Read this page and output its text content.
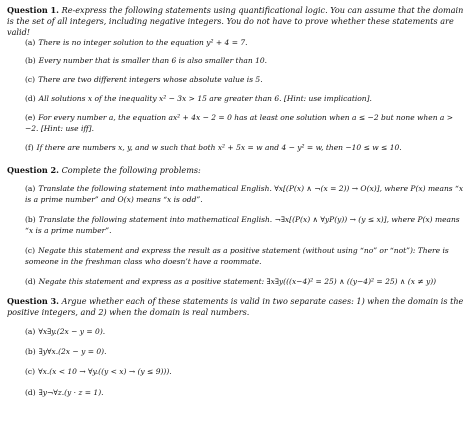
Question 1. Re-express the following statements using quantificational logic. You can assume that the domain is the set of all integers, including negative integers. You do not have to prove whether these statements are valid!
(a) There is no integer solution to the equation y² + 4 = 7.
(b) Every number that is smaller than 6 is also smaller than 10.
(c) There are two different integers whose absolute value is 5.
(d) All solutions x of the inequality x² − 3x > 15 are greater than 6. [Hint: use implication].
(e) For every number a, the equation ax² + 4x − 2 = 0 has at least one solution when a ≤ −2 but none when a > −2. [Hint: use iff].
(f) If there are numbers x, y, and w such that both x² + 5x = w and 4 − y² = w, then −10 ≤ w ≤ 10.
Question 2. Complete the following problems:
(a) Translate the following statement into mathematical English. ∀x[(P(x) ∧ ¬(x = 2)) → O(x)], where P(x) means “x is a prime number” and O(x) means “x is odd”.
(b) Translate the following statement into mathematical English. ¬∃x[(P(x) ∧ ∀yP(y)) → (y ≤ x)], where P(x) means “x is a prime number”.
(c) Negate this statement and express the result as a positive statement (without using “no” or “not”): There is someone in the freshman class who doesn’t have a roommate.
(d) Negate this statement and express as a positive statement: ∃x∃y(((x−4)² = 25) ∧ ((y−4)² = 25) ∧ (x ≠ y))
Question 3. Argue whether each of these statements is valid in two separate cases: 1) when the domain is the positive integers, and 2) when the domain is real numbers.
(a) ∀x∃y.(2x − y = 0).
(b) ∃y∀x.(2x − y = 0).
(c) ∀x.(x < 10 → ∀y.((y < x) → (y ≤ 9))).
(d) ∃y¬∀z.(y · z = 1).
